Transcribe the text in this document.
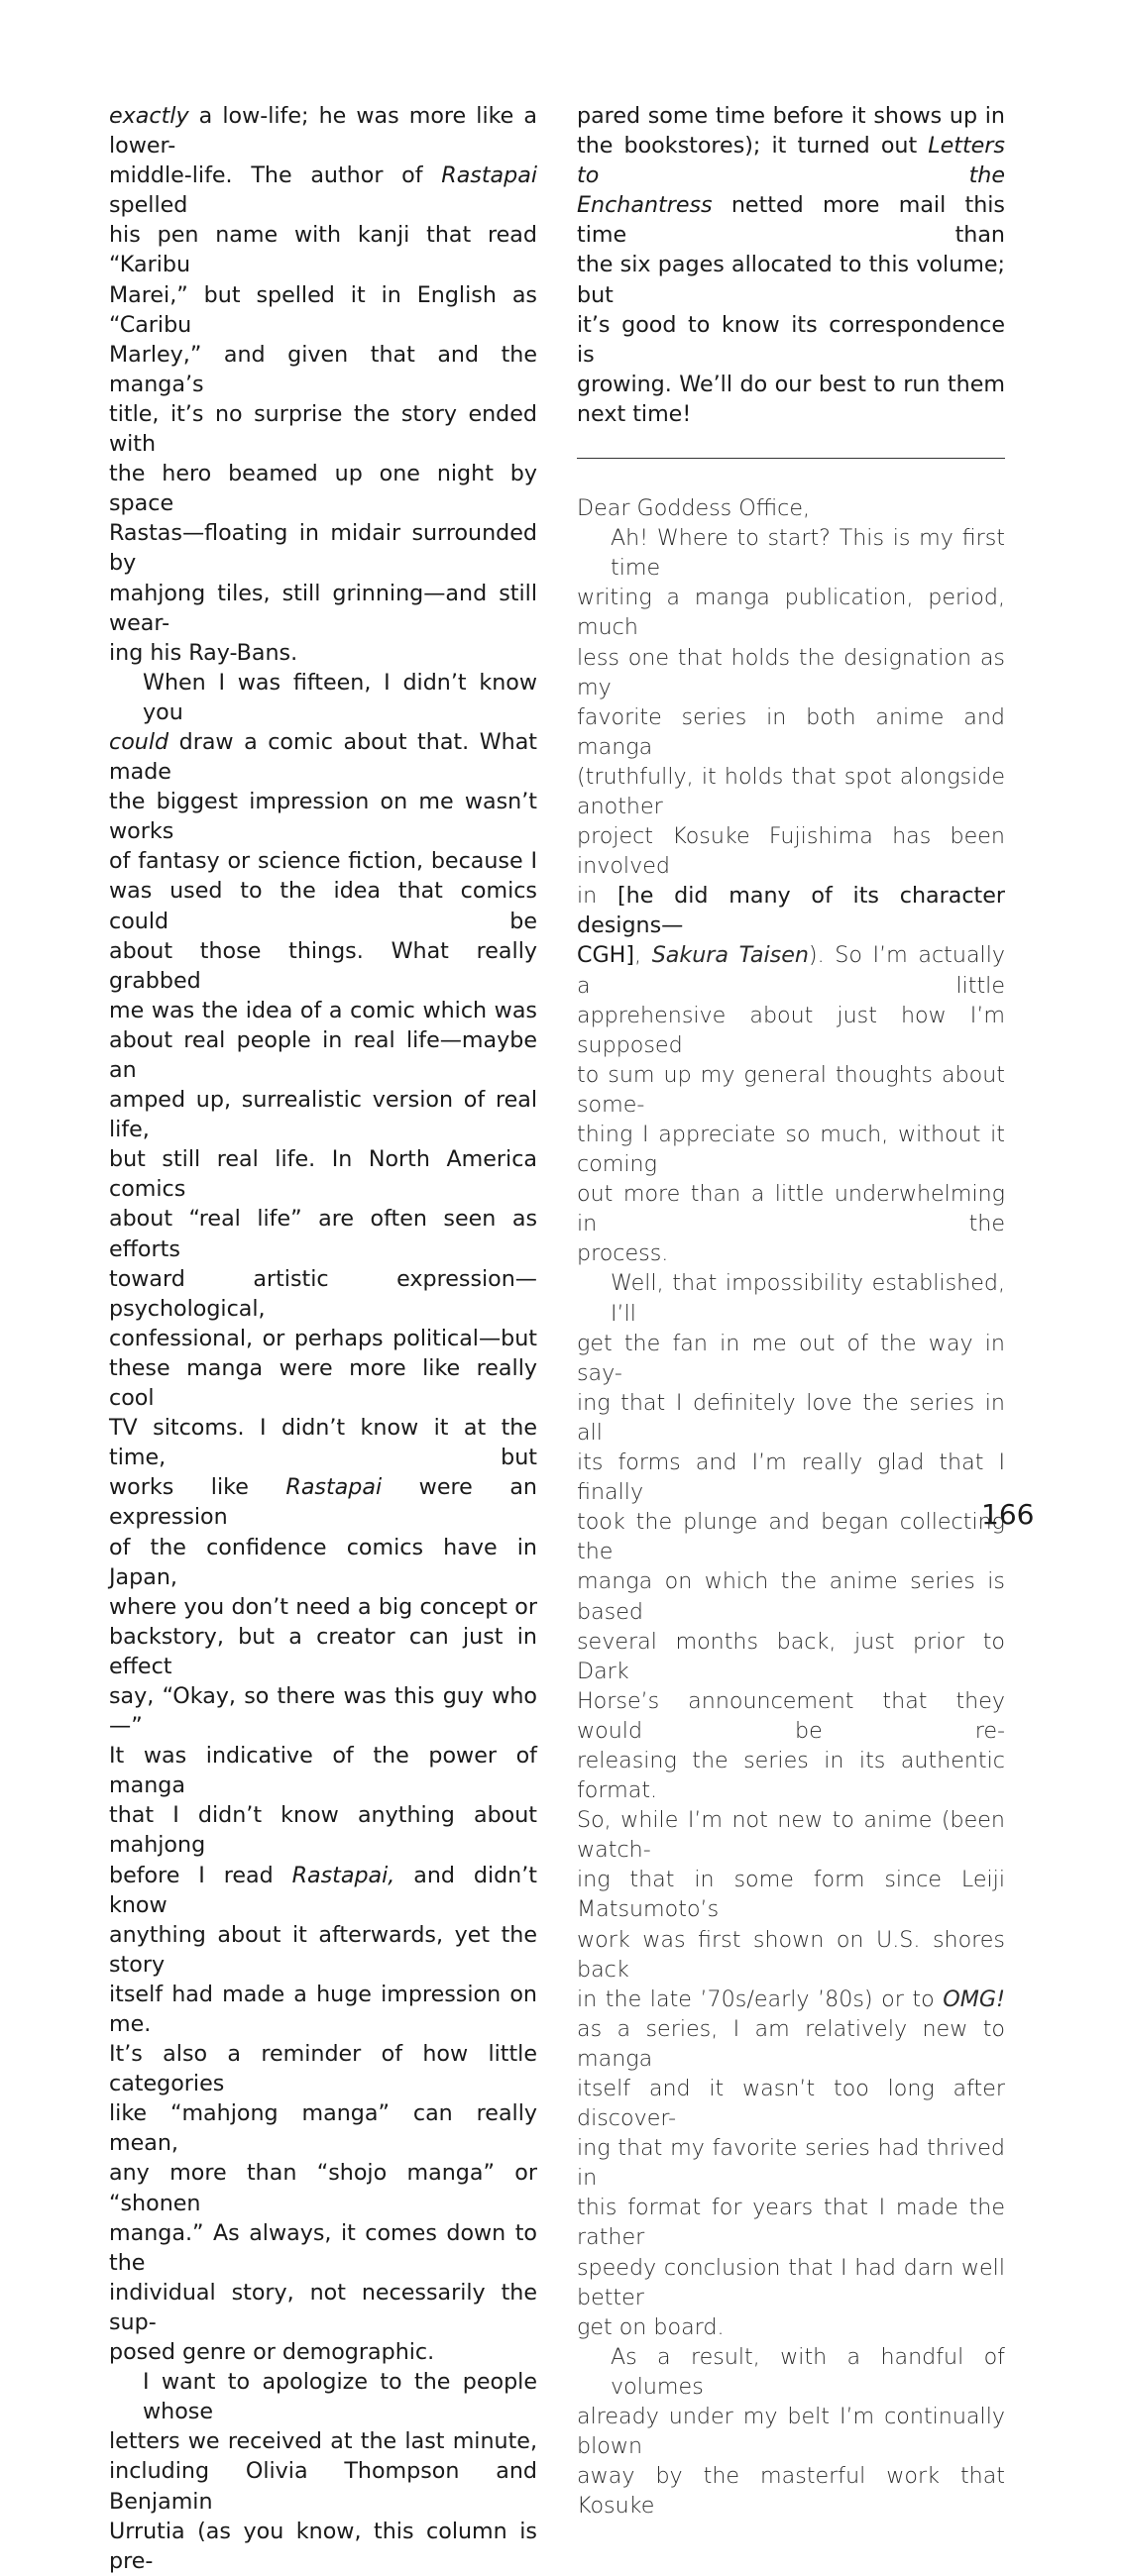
exactly a low-life; he was more like a lower-
middle-life. The author of Rastapai spelled
his pen name with kanji that read “Karibu
Marei,” but spelled it in English as “Caribu
Marley,” and given that and the manga’s
title, it’s no surprise the story ended with
the hero beamed up one night by space
Rastas—floating in midair surrounded by
mahjong tiles, still grinning—and still wear-
ing his Ray-Bans.
When I was fifteen, I didn’t know you
could draw a comic about that. What made
the biggest impression on me wasn’t works
of fantasy or science fiction, because I
was used to the idea that comics could be
about those things. What really grabbed
me was the idea of a comic which was
about real people in real life—maybe an
amped up, surrealistic version of real life,
but still real life. In North America comics
about “real life” are often seen as efforts
toward artistic expression—psychological,
confessional, or perhaps political—but
these manga were more like really cool
TV sitcoms. I didn’t know it at the time, but
works like Rastapai were an expression
of the confidence comics have in Japan,
where you don’t need a big concept or
backstory, but a creator can just in effect
say, “Okay, so there was this guy who—”
It was indicative of the power of manga
that I didn’t know anything about mahjong
before I read Rastapai, and didn’t know
anything about it afterwards, yet the story
itself had made a huge impression on me.
It’s also a reminder of how little categories
like “mahjong manga” can really mean,
any more than “shojo manga” or “shonen
manga.” As always, it comes down to the
individual story, not necessarily the sup-
posed genre or demographic.
I want to apologize to the people whose
letters we received at the last minute,
including Olivia Thompson and Benjamin
Urrutia (as you know, this column is pre-
pared some time before it shows up in
the bookstores); it turned out Letters to the
Enchantress netted more mail this time than
the six pages allocated to this volume; but
it’s good to know its correspondence is
growing. We’ll do our best to run them
next time!
Dear Goddess Office,
Ah! Where to start? This is my first time
writing a manga publication, period, much
less one that holds the designation as my
favorite series in both anime and manga
(truthfully, it holds that spot alongside another
project Kosuke Fujishima has been involved
in [he did many of its character designs—
CGH], Sakura Taisen). So I’m actually a little
apprehensive about just how I’m supposed
to sum up my general thoughts about some-
thing I appreciate so much, without it coming
out more than a little underwhelming in the
process.
Well, that impossibility established, I’ll
get the fan in me out of the way in say-
ing that I definitely love the series in all
its forms and I’m really glad that I finally
took the plunge and began collecting the
manga on which the anime series is based
several months back, just prior to Dark
Horse’s announcement that they would be re-
releasing the series in its authentic format.
So, while I’m not new to anime (been watch-
ing that in some form since Leiji Matsumoto’s
work was first shown on U.S. shores back
in the late ’70s/early ’80s) or to OMG!
as a series, I am relatively new to manga
itself and it wasn’t too long after discover-
ing that my favorite series had thrived in
this format for years that I made the rather
speedy conclusion that I had darn well better
get on board.
As a result, with a handful of volumes
already under my belt I’m continually blown
away by the masterful work that Kosuke
166
